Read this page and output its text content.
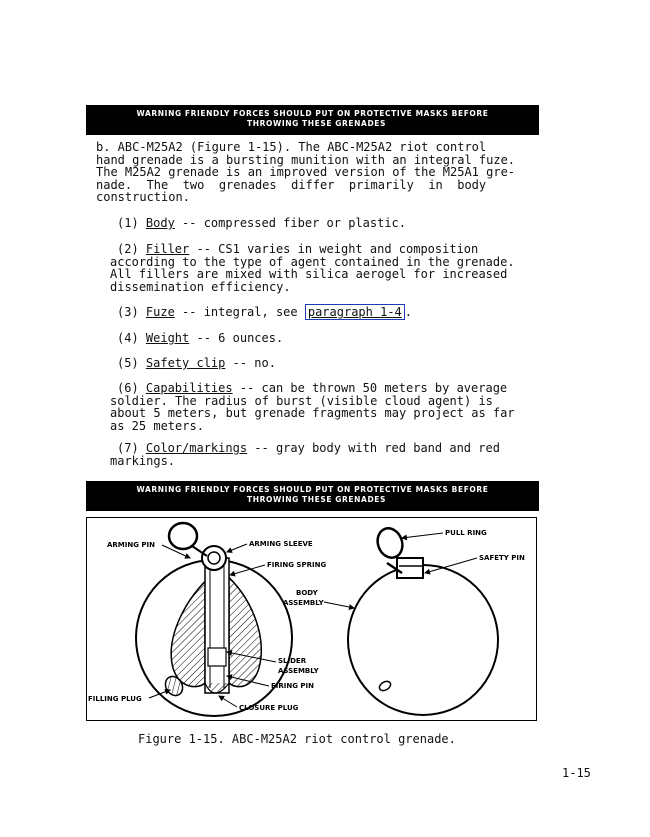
WARNING FRIENDLY FORCES SHOULD PUT ON PROTECTIVE MASKS BEFORE

THROWING THESE GRENADES
b. ABC-M25A2 (Figure 1-15). The ABC-M25A2 riot control
hand grenade is a bursting munition with an integral fuze.
The M25A2 grenade is an improved version of the M25A1 gre-
nade.  The  two  grenades  differ  primarily  in  body
construction.
(1) Body -- compressed fiber or plastic.
(2) Filler -- CS1 varies in weight and composition
according to the type of agent contained in the grenade.
All fillers are mixed with silica aerogel for increased
dissemination efficiency.
(3) Fuze -- integral, see paragraph 1-4 .
(4) Weight -- 6 ounces.
(5) Safety clip -- no.
(6) Capabilities -- can be thrown 50 meters by average
soldier. The radius of burst (visible cloud agent) is
about 5 meters, but grenade fragments may project as far
as 25 meters.
(7) Color/markings -- gray body with red band and red
markings.
WARNING FRIENDLY FORCES SHOULD PUT ON PROTECTIVE MASKS BEFORE

THROWING THESE GRENADES
ARMING PIN	ARMING SLEEVE
FIRING SPRING
BODY
ASSEMBLY
SLIDER
ASSEMBLY
FIRING PIN
FILLING PLUG
CLOSURE PLUG
PULL RING
SAFETY PIN
Figure 1-15. ABC-M25A2 riot control grenade.
1-15
